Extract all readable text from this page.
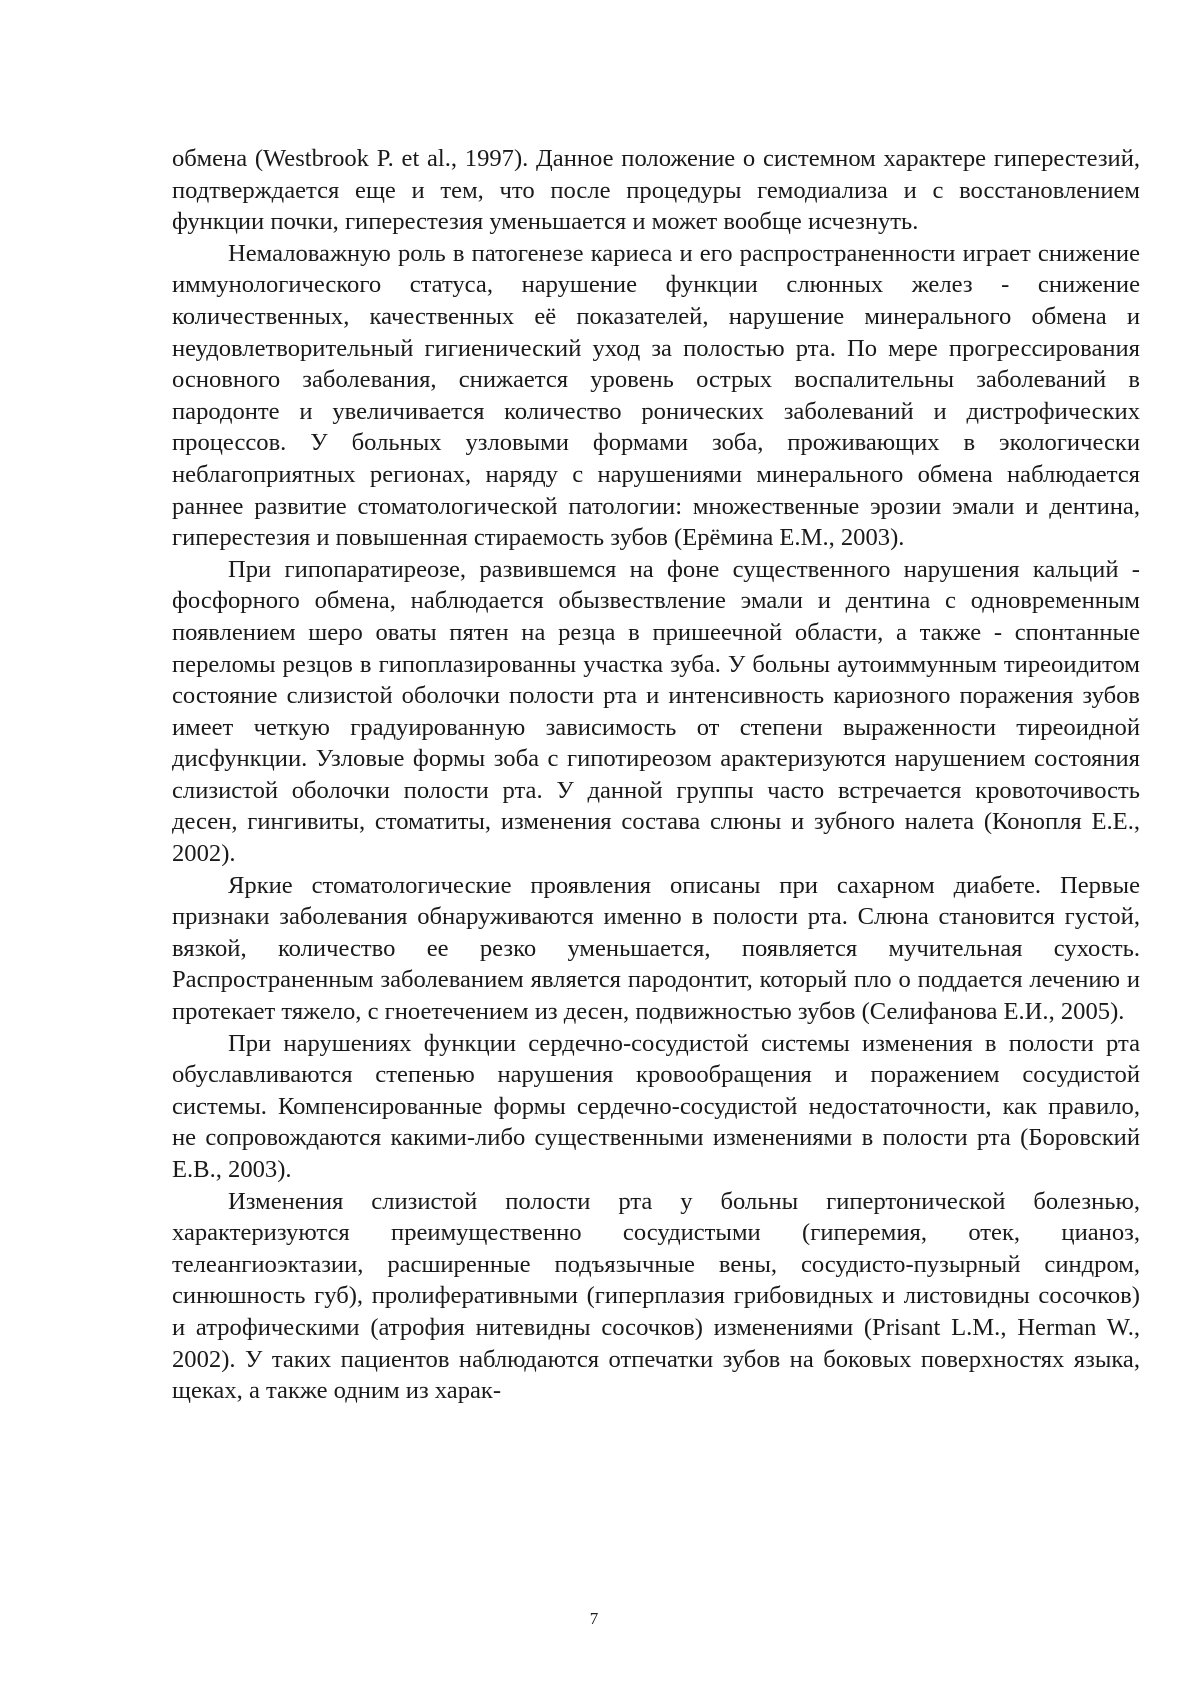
обмена (Westbrook P. et al., 1997). Данное положение о системном характере гиперестезий, подтверждается еще и тем, что после процедуры гемодиализа и с восстановлением функции почки, гиперестезия уменьшается и может вообще исчезнуть.

Немаловажную роль в патогенезе кариеса и его распространенности играет снижение иммунологического статуса, нарушение функции слюнных желез - снижение количественных, качественных её показателей, нарушение минерального обмена и неудовлетворительный гигиенический уход за полостью рта. По мере прогрессирования основного заболевания, снижается уровень острых воспалительны заболеваний в пародонте и увеличивается количество роничеcких заболеваний и дистрофических процессов. У больных узловыми формами зоба, проживающих в экологически неблагоприятных регионах, наряду с нарушениями минерального обмена наблюдается раннее развитие стоматологической патологии: множественные эрозии эмали и дентина, гиперестезия и повышенная стираемость зубов (Ерёмина Е.М., 2003).

При гипопаратиреозе, развившемся на фоне существенного нарушения кальций - фосфорного обмена, наблюдается обызвествление эмали и дентина с одновременным появлением шеро оваты пятен на резца в пришеечной области, а также - спонтанные переломы резцов в гипоплазированны участка зуба. У больны аутоиммунным тиреоидитом состояние слизистой оболочки полости рта и интенсивность кариозного поражения зубов имеет четкую градуированную зависимость от степени выраженности тиреоидной дисфункции. Узловые формы зоба с гипотиреозом арактеризуются нарушением состояния слизистой оболочки полости рта. У данной группы часто встречается кровоточивость десен, гингивиты, стоматиты, изменения состава слюны и зубного налета (Конопля Е.Е., 2002).

Яркие стоматологические проявления описаны при сахарном диабете. Первые признаки заболевания обнаруживаются именно в полости рта. Слюна становится густой, вязкой, количество ее резко уменьшается, появляется мучительная сухость. Распространенным заболеванием является пародонтит, который пло о поддается лечению и протекает тяжело, с гноетечением из десен, подвижностью зубов (Селифанова Е.И., 2005).

При нарушениях функции сердечно-сосудистой системы изменения в полости рта обуславливаются степенью нарушения кровообращения и поражением сосудистой системы. Компенсированные формы сердечно-сосудистой недостаточности, как правило, не сопровождаются какими-либо существенными изменениями в полости рта (Боровский Е.В., 2003).

Изменения слизистой полости рта у больны гипертонической болезнью, характеризуются преимущественно сосудистыми (гиперемия, отек, цианоз, телеангиоэктазии, расширенные подъязычные вены, сосудисто-пузырный синдром, синюшность губ), пролиферативными (гиперплазия грибовидных и листовидны сосочков) и атрофическими (атрофия нитевидны сосочков) изменениями (Prisant L.M., Herman W., 2002). У таких пациентов наблюдаются отпечатки зубов на боковых поверхностях языка, щеках, а также одним из харак-

7
